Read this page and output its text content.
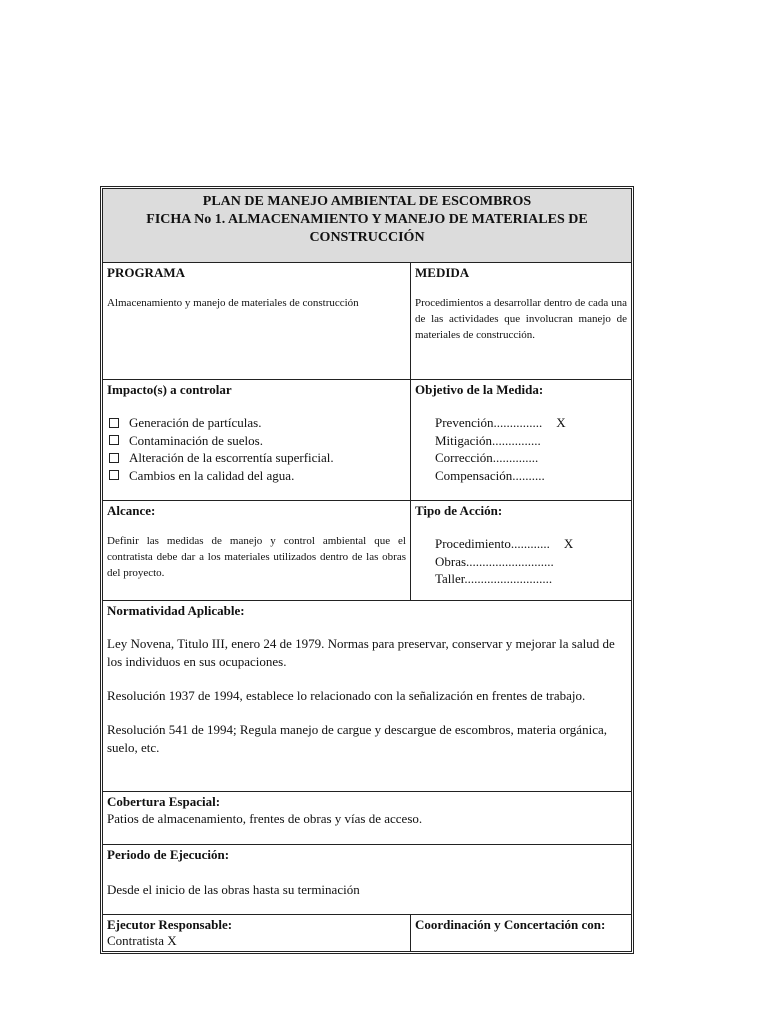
PLAN DE MANEJO AMBIENTAL DE ESCOMBROS
FICHA No 1. ALMACENAMIENTO Y MANEJO DE MATERIALES DE CONSTRUCCIÓN

PROGRAMA

Almacenamiento y manejo de materiales de construcción

MEDIDA

Procedimientos a desarrollar dentro de cada una de las actividades que involucran manejo de materiales de construcción.

Impacto(s) a controlar

Generación de partículas.
Contaminación de suelos.
Alteración de la escorrentía superficial.
Cambios en la calidad del agua.

Objetivo de la Medida:

Prevención............... X
Mitigación...............
Corrección..............
Compensación..........

Alcance:

Definir las medidas de manejo y control ambiental que el contratista debe dar a los materiales utilizados dentro de las obras del proyecto.

Tipo de Acción:

Procedimiento............ X
Obras...........................
Taller...........................

Normatividad Aplicable:

Ley Novena, Titulo III, enero 24 de 1979. Normas para preservar, conservar y mejorar la salud de los individuos en sus ocupaciones.

Resolución 1937 de 1994, establece lo relacionado con la señalización en frentes de trabajo.

Resolución 541 de 1994; Regula manejo de cargue y descargue de escombros, materia orgánica, suelo, etc.

Cobertura Espacial:

Patios de almacenamiento, frentes de obras y vías de acceso.

Periodo de Ejecución:

Desde el inicio de las obras hasta su terminación

Ejecutor Responsable:

Contratista X

Coordinación y Concertación con:
